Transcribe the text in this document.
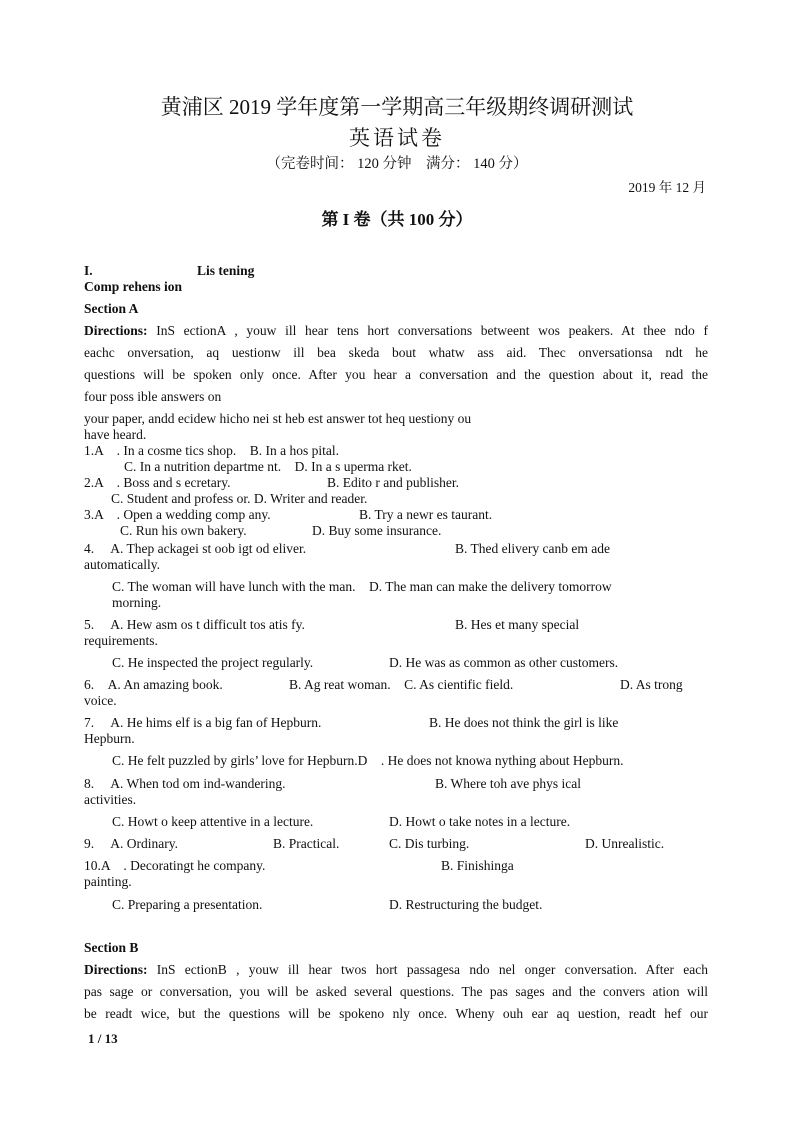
黄浦区 2019 学年度第一学期高三年级期终调研测试
英语试卷
（完卷时间： 120 分钟　满分： 140 分）
2019 年 12 月
第 I 卷（共 100 分）
I.	Lis tening
Comp rehens ion
Section A
Directions: InS ectionA , youw ill hear tens hort conversations betweent wos peakers. At thee ndo f
eachc onversation, aq uestionw ill bea skeda bout whatw ass aid. Thec onversationsa ndt he
questions will be spoken only once. After you hear a conversation and the question about it, read the
four poss ible answers on
your paper, andd ecidew hicho nei st heb est answer tot heq uestiony ou
have heard.
1.A　. In a cosme tics shop.　B. In a hos pital.
C. In a nutrition departme nt.　D. In a s uperma rket.
2.A　. Boss and s ecretary.	B. Edito r and publisher.
C. Student and profess or. D. Writer and reader.
3.A　. Open a wedding comp any.	B. Try a newr es taurant.
C. Run his own bakery.	D. Buy some insurance.
4.　 A. Thep ackagei st oob igt od eliver.	B. Thed elivery canb em ade
automatically.
C. The woman will have lunch with the man.　D. The man can make the delivery tomorrow
morning.
5.　 A. Hew asm os t difficult tos atis fy.	B. Hes et many special
requirements.
C. He inspected the project regularly.	D. He was as common as other customers.
6.　A. An amazing book.	B. Ag reat woman.　C. As cientific field.	D. As trong
voice.
7.　 A. He hims elf is a big fan of Hepburn.	B. He does not think the girl is like
Hepburn.
C. He felt puzzled by girls’ love for Hepburn.D　. He does not knowa nything about Hepburn.
8.　 A. When tod om ind-wandering.	B. Where toh ave phys ical
activities.
C. Howt o keep attentive in a lecture.	D. Howt o take notes in a lecture.
9.　 A. Ordinary.	B. Practical.	C. Dis turbing.	D. Unrealistic.
10.A　. Decoratingt he company.	B. Finishinga
painting.
C. Preparing a presentation.	D. Restructuring the budget.
Section B
Directions: InS ectionB , youw ill hear twos hort passagesa ndo nel onger conversation. After each
pas sage or conversation, you will be asked several questions. The pas sages and the convers ation will
be readt wice, but the questions will be spokeno nly once. Wheny ouh ear aq uestion, readt hef our
1 / 13
